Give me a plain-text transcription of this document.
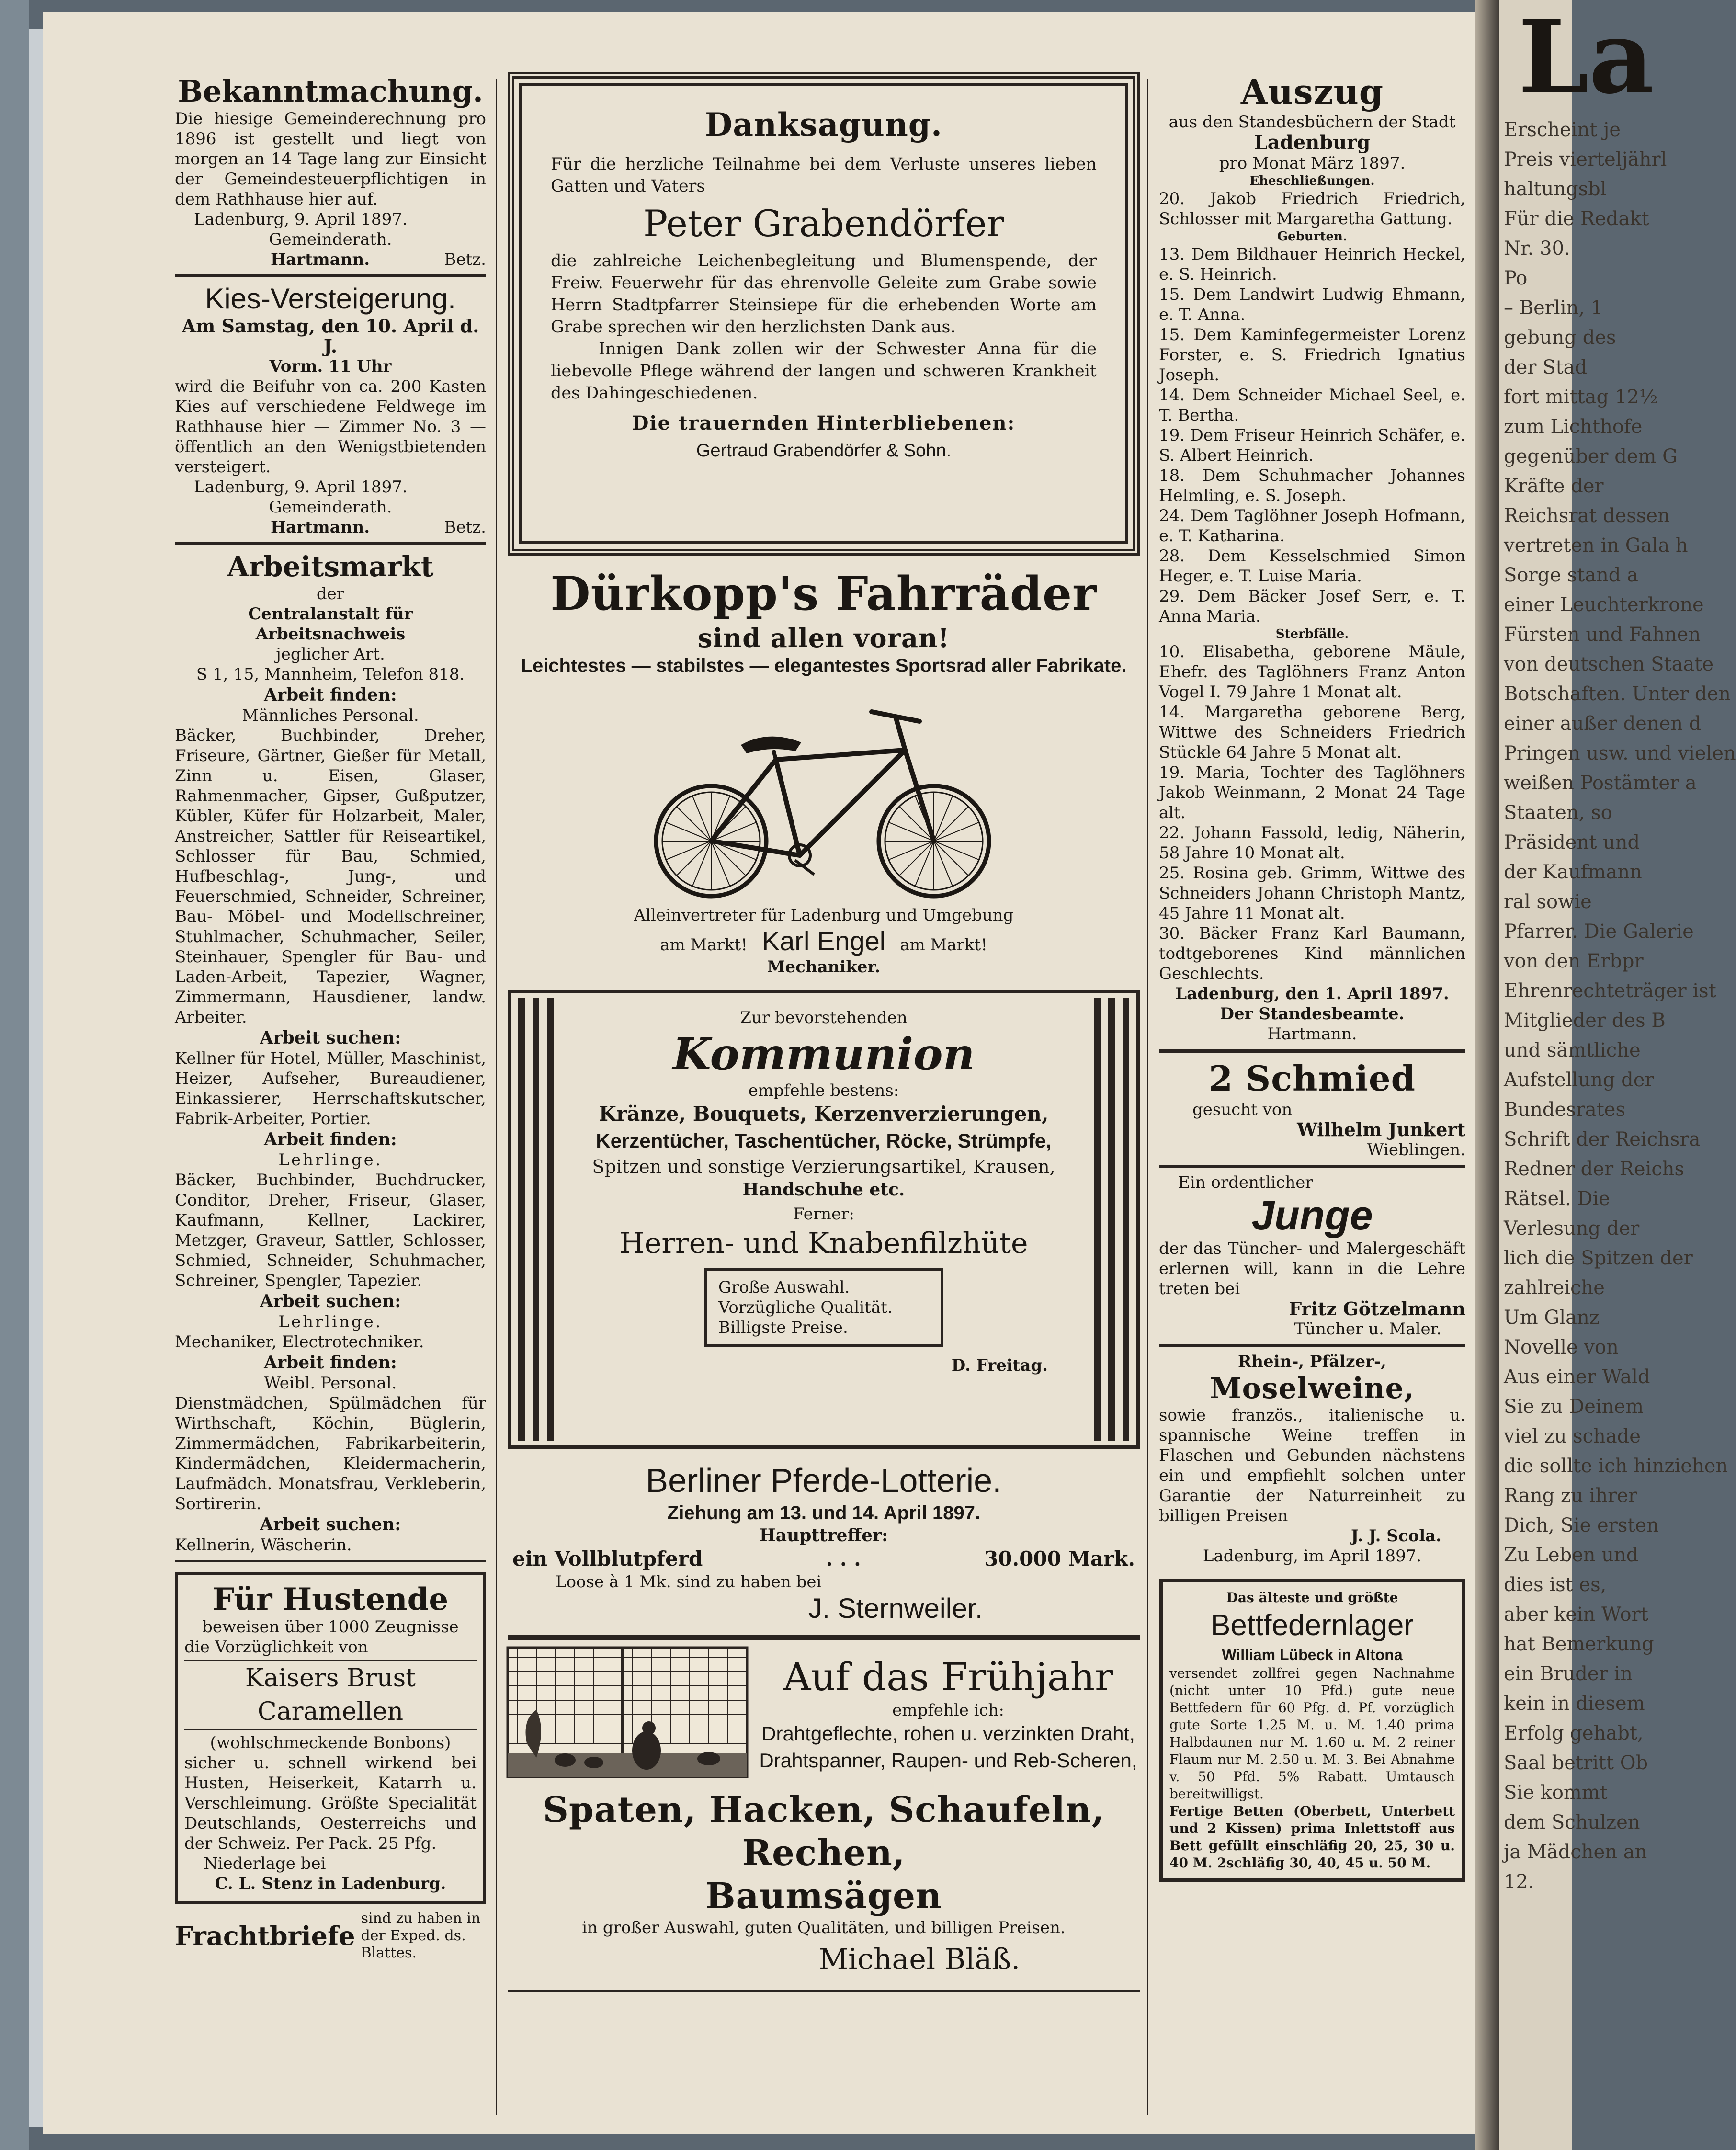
Bekanntmachung.
Die hiesige Gemeinderechnung pro 1896 ist gestellt und liegt von morgen an 14 Tage lang zur Einsicht der Gemeindesteuerpflichtigen in dem Rathhause hier auf.
Ladenburg, 9. April 1897.
Gemeinderath.
Hartmann.	Betz.
Kies-Versteigerung.
Am Samstag, den 10. April d. J.
Vorm. 11 Uhr
wird die Beifuhr von ca. 200 Kasten Kies auf verschiedene Feldwege im Rathhause hier — Zimmer No. 3 — öffentlich an den Wenigstbietenden versteigert.
Ladenburg, 9. April 1897.
Gemeinderath.
Hartmann.	Betz.
Arbeitsmarkt
der
Centralanstalt für Arbeitsnachweis
jeglicher Art.
S 1, 15, Mannheim, Telefon 818.
Arbeit finden:
Männliches Personal.
Bäcker, Buchbinder, Dreher, Friseure, Gärtner, Gießer für Metall, Zinn u. Eisen, Glaser, Rahmenmacher, Gipser, Gußputzer, Kübler, Küfer für Holzarbeit, Maler, Anstreicher, Sattler für Reiseartikel, Schlosser für Bau, Schmied, Hufbeschlag-, Jung-, und Feuerschmied, Schneider, Schreiner, Bau- Möbel- und Modellschreiner, Stuhlmacher, Schuhmacher, Seiler, Steinhauer, Spengler für Bau- und Laden-Arbeit, Tapezier, Wagner, Zimmermann, Hausdiener, landw. Arbeiter.
Arbeit suchen:
Kellner für Hotel, Müller, Maschinist, Heizer, Aufseher, Bureaudiener, Einkassierer, Herrschaftskutscher, Fabrik-Arbeiter, Portier.
Arbeit finden:
Lehrlinge.
Bäcker, Buchbinder, Buchdrucker, Conditor, Dreher, Friseur, Glaser, Kaufmann, Kellner, Lackirer, Metzger, Graveur, Sattler, Schlosser, Schmied, Schneider, Schuhmacher, Schreiner, Spengler, Tapezier.
Arbeit suchen:
Lehrlinge.
Mechaniker, Electrotechniker.
Arbeit finden:
Weibl. Personal.
Dienstmädchen, Spülmädchen für Wirthschaft, Köchin, Büglerin, Zimmermädchen, Fabrikarbeiterin, Kindermädchen, Kleidermacherin, Laufmädch. Monatsfrau, Verkleberin, Sortirerin.
Arbeit suchen:
Kellnerin, Wäscherin.
Für Hustende
beweisen über 1000 Zeugnisse
die Vorzüglichkeit von
Kaisers Brust Caramellen
(wohlschmeckende Bonbons)
sicher u. schnell wirkend bei Husten, Heiserkeit, Katarrh u. Verschleimung. Größte Specialität Deutschlands, Oesterreichs und der Schweiz. Per Pack. 25 Pfg.
Niederlage bei
C. L. Stenz in Ladenburg.
Frachtbriefe
sind zu haben in der Exped. ds. Blattes.
Danksagung.
Für die herzliche Teilnahme bei dem Verluste unseres lieben Gatten und Vaters
Peter Grabendörfer
die zahlreiche Leichenbegleitung und Blumenspende, der Freiw. Feuerwehr für das ehrenvolle Geleite zum Grabe sowie Herrn Stadtpfarrer Steinsiepe für die erhebenden Worte am Grabe sprechen wir den herzlichsten Dank aus.
Innigen Dank zollen wir der Schwester Anna für die liebevolle Pflege während der langen und schweren Krankheit des Dahingeschiedenen.
Die trauernden Hinterbliebenen:
Gertraud Grabendörfer & Sohn.
Dürkopp's Fahrräder
sind allen voran!
Leichtestes — stabilstes — elegantestes Sportsrad aller Fabrikate.
Alleinvertreter für Ladenburg und Umgebung
am Markt! Karl Engel am Markt!
Mechaniker.
Zur bevorstehenden
Kommunion
empfehle bestens:
Kränze, Bouquets, Kerzenverzierungen,
Kerzentücher, Taschentücher, Röcke, Strümpfe,
Spitzen und sonstige Verzierungsartikel, Krausen,
Handschuhe etc.
Ferner:
Herren- und Knabenfilzhüte
Große Auswahl.
Vorzügliche Qualität.
Billigste Preise.
D. Freitag.
Berliner Pferde-Lotterie.
Ziehung am 13. und 14. April 1897.
Haupttreffer:
ein Vollblutpferd	. . .	30.000 Mark.
Loose à 1 Mk. sind zu haben bei
J. Sternweiler.
Auf das Frühjahr
empfehle ich:
Drahtgeflechte, rohen u. verzinkten Draht,
Drahtspanner, Raupen- und Reb-Scheren,
Spaten, Hacken, Schaufeln, Rechen,
Baumsägen
in großer Auswahl, guten Qualitäten, und billigen Preisen.
Michael Bläß.
Auszug
aus den Standesbüchern der Stadt
Ladenburg
pro Monat März 1897.
Eheschließungen.
20. Jakob Friedrich Friedrich, Schlosser mit Margaretha Gattung.
Geburten.
13. Dem Bildhauer Heinrich Heckel, e. S. Heinrich.
15. Dem Landwirt Ludwig Ehmann, e. T. Anna.
15. Dem Kaminfegermeister Lorenz Forster, e. S. Friedrich Ignatius Joseph.
14. Dem Schneider Michael Seel, e. T. Bertha.
19. Dem Friseur Heinrich Schäfer, e. S. Albert Heinrich.
18. Dem Schuhmacher Johannes Helmling, e. S. Joseph.
24. Dem Taglöhner Joseph Hofmann, e. T. Katharina.
28. Dem Kesselschmied Simon Heger, e. T. Luise Maria.
29. Dem Bäcker Josef Serr, e. T. Anna Maria.
Sterbfälle.
10. Elisabetha, geborene Mäule, Ehefr. des Taglöhners Franz Anton Vogel I. 79 Jahre 1 Monat alt.
14. Margaretha geborene Berg, Wittwe des Schneiders Friedrich Stückle 64 Jahre 5 Monat alt.
19. Maria, Tochter des Taglöhners Jakob Weinmann, 2 Monat 24 Tage alt.
22. Johann Fassold, ledig, Näherin, 58 Jahre 10 Monat alt.
25. Rosina geb. Grimm, Wittwe des Schneiders Johann Christoph Mantz, 45 Jahre 11 Monat alt.
30. Bäcker Franz Karl Baumann, todtgeborenes Kind männlichen Geschlechts.
Ladenburg, den 1. April 1897.
Der Standesbeamte.
Hartmann.
2 Schmied
gesucht von
Wilhelm Junkert
Wieblingen.
Ein ordentlicher
Junge
der das Tüncher- und Malergeschäft erlernen will, kann in die Lehre treten bei
Fritz Götzelmann
Tüncher u. Maler.
Rhein-, Pfälzer-,
Moselweine,
sowie französ., italienische u. spannische Weine treffen in Flaschen und Gebunden nächstens ein und empfiehlt solchen unter Garantie der Naturreinheit zu billigen Preisen
J. J. Scola.
Ladenburg, im April 1897.
Das älteste und größte
Bettfedernlager
William Lübeck in Altona
versendet zollfrei gegen Nachnahme (nicht unter 10 Pfd.) gute neue Bettfedern für 60 Pfg. d. Pf. vorzüglich gute Sorte 1.25 M. u. M. 1.40 prima Halbdaunen nur M. 1.60 u. M. 2 reiner Flaum nur M. 2.50 u. M. 3. Bei Abnahme v. 50 Pfd. 5% Rabatt. Umtausch bereitwilligst.
Fertige Betten (Oberbett, Unterbett und 2 Kissen) prima Inlettstoff aus Bett gefüllt einschläfig 20, 25, 30 u. 40 M. 2schläfig 30, 40, 45 u. 50 M.
La
Erscheint je
Preis vierteljährl
haltungsbl
Für die Redakt
Nr. 30.
Po
– Berlin, 1
gebung des
der Stad
fort mittag 12½
zum Lichthofe
gegenüber dem G
Kräfte der
Reichsrat dessen
vertreten in Gala h
Sorge stand a
einer Leuchterkrone
Fürsten und Fahnen
von deutschen Staate
Botschaften. Unter den
einer außer denen d
Pringen usw. und vielen
weißen Postämter a
Staaten, so
Präsident und
der Kaufmann
ral sowie
Pfarrer. Die Galerie
von den Erbpr
Ehrenrechteträger ist
Mitglieder des B
und sämtliche
Aufstellung der
Bundesrates
Schrift der Reichsra
Redner der Reichs
Rätsel. Die
Verlesung der
lich die Spitzen der
zahlreiche
Um Glanz
Novelle von
Aus einer Wald
Sie zu Deinem
viel zu schade
die sollte ich hinziehen
Rang zu ihrer
Dich, Sie ersten
Zu Leben und
dies ist es,
aber kein Wort
hat Bemerkung
ein Bruder in
kein in diesem
Erfolg gehabt,
Saal betritt Ob
Sie kommt
dem Schulzen
ja Mädchen an
12.
